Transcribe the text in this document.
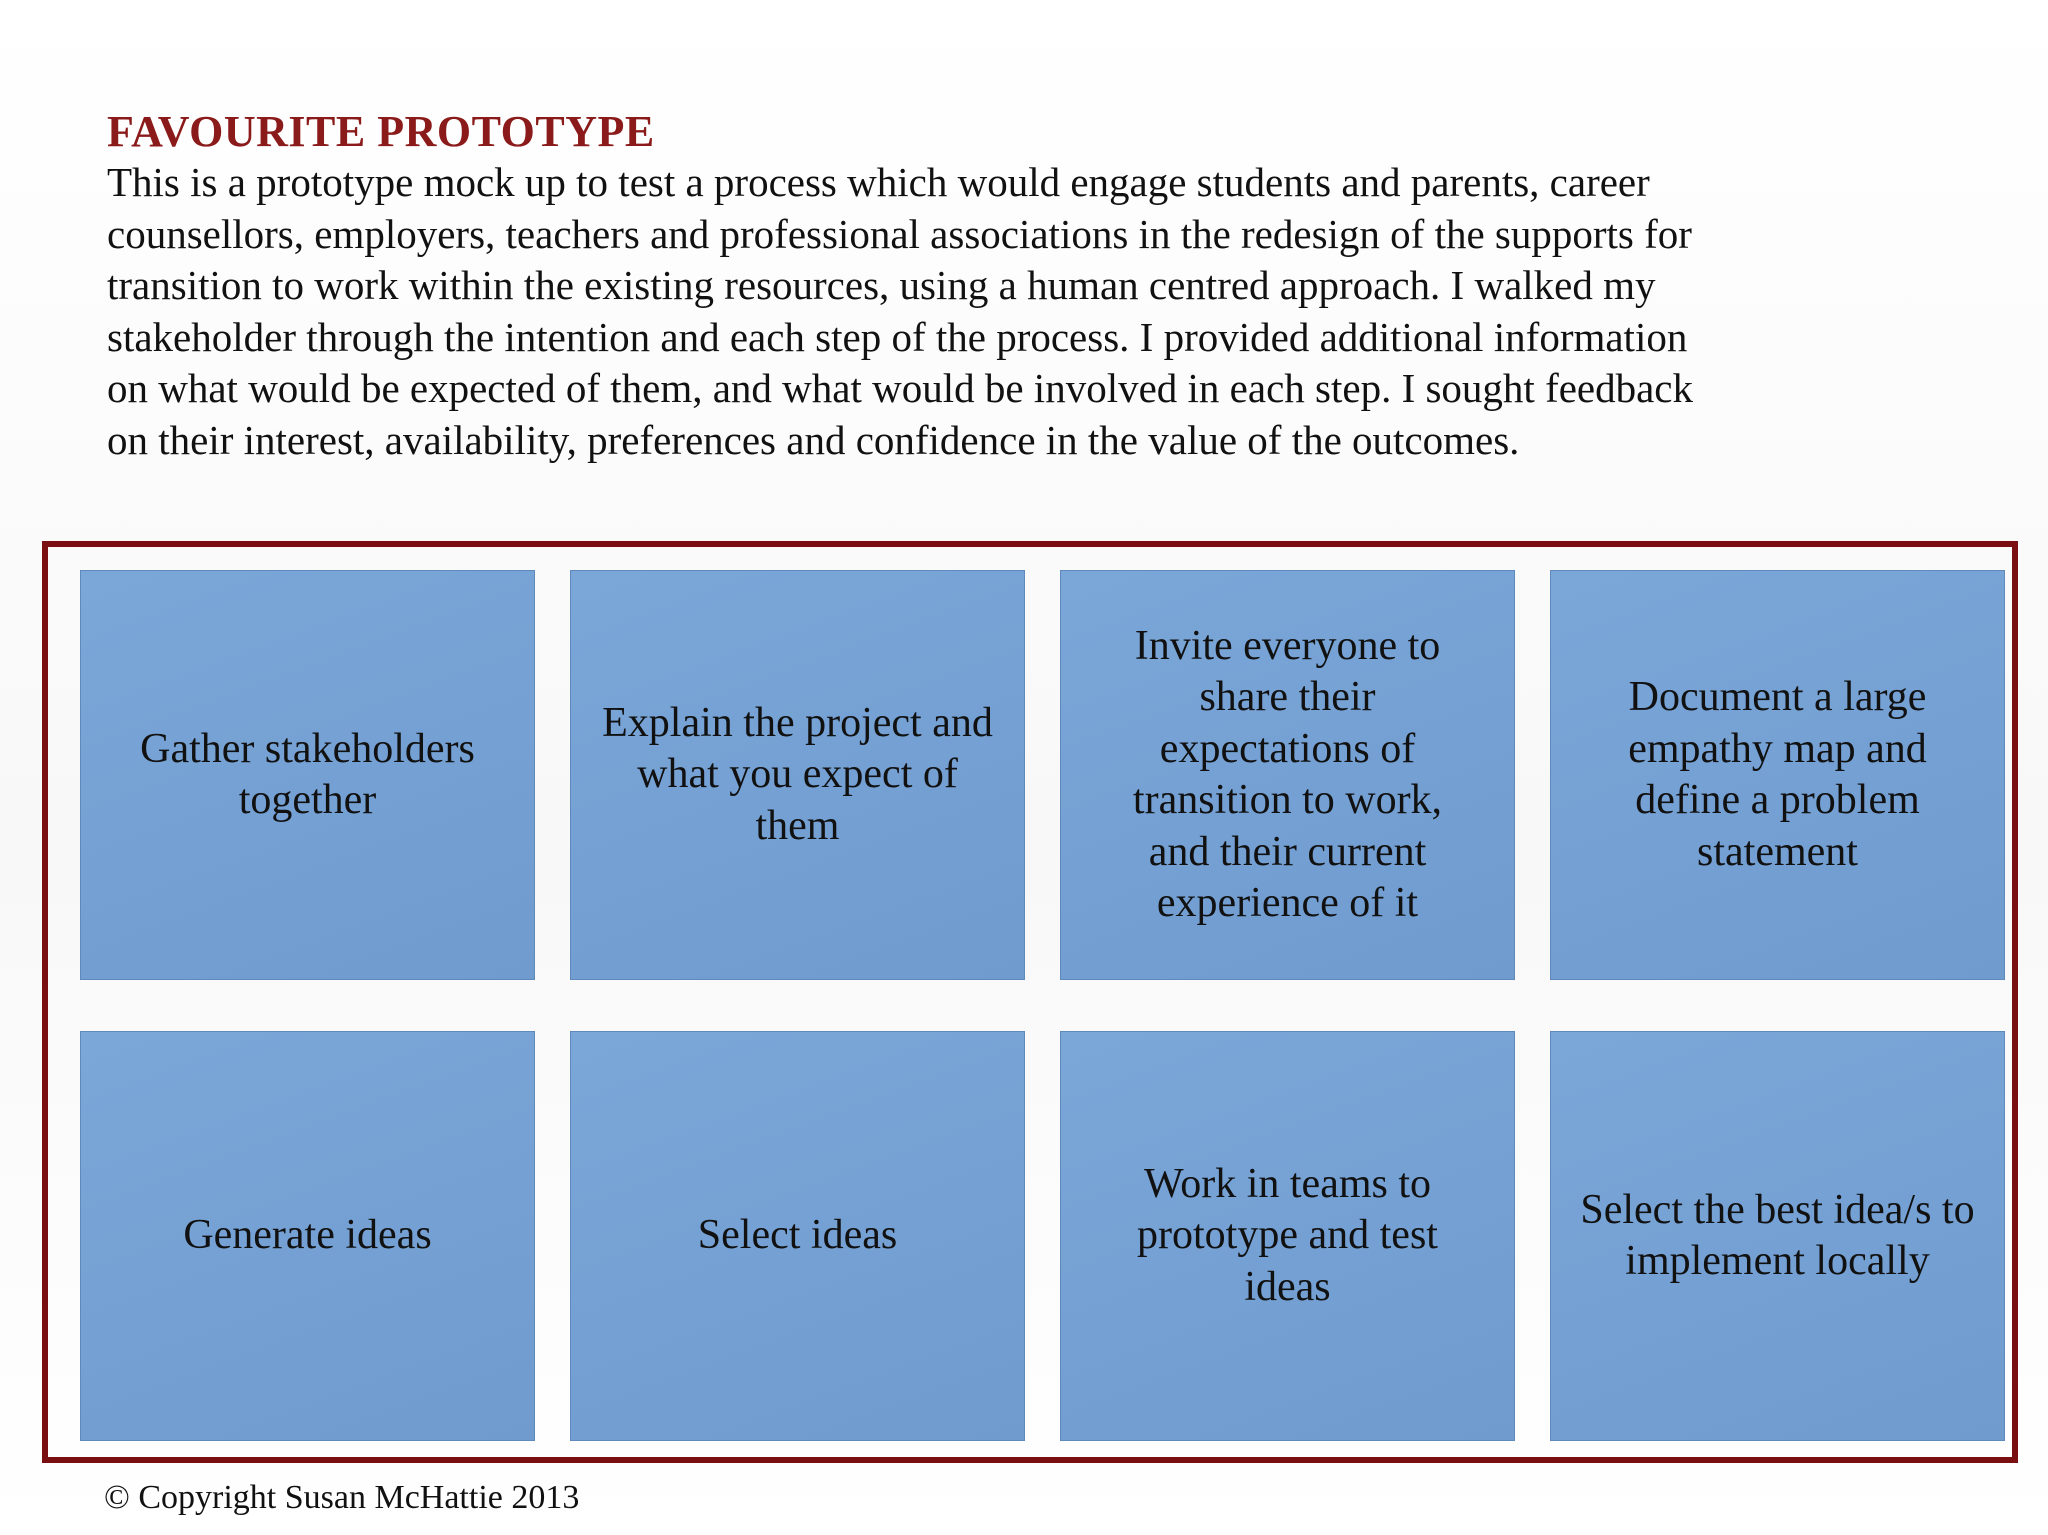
FAVOURITE PROTOTYPE
This is a prototype mock up to test a process which would engage students and parents, career
counsellors, employers, teachers and professional associations in the redesign of the supports for
transition to work within the existing resources, using a human centred approach. I walked my
stakeholder through the intention and each step of the process. I provided additional information
on what would be expected of them, and what would be involved in each step. I sought feedback
on their interest, availability, preferences and confidence in the value of the outcomes.
Gather stakeholders together
Explain the project and what you expect of them
Invite everyone to share their expectations of transition to work, and their current experience of it
Document a large empathy map and define a problem statement
Generate ideas	Select ideas
Work in teams to prototype and test ideas
Select the best idea/s to implement locally
© Copyright Susan McHattie 2013
